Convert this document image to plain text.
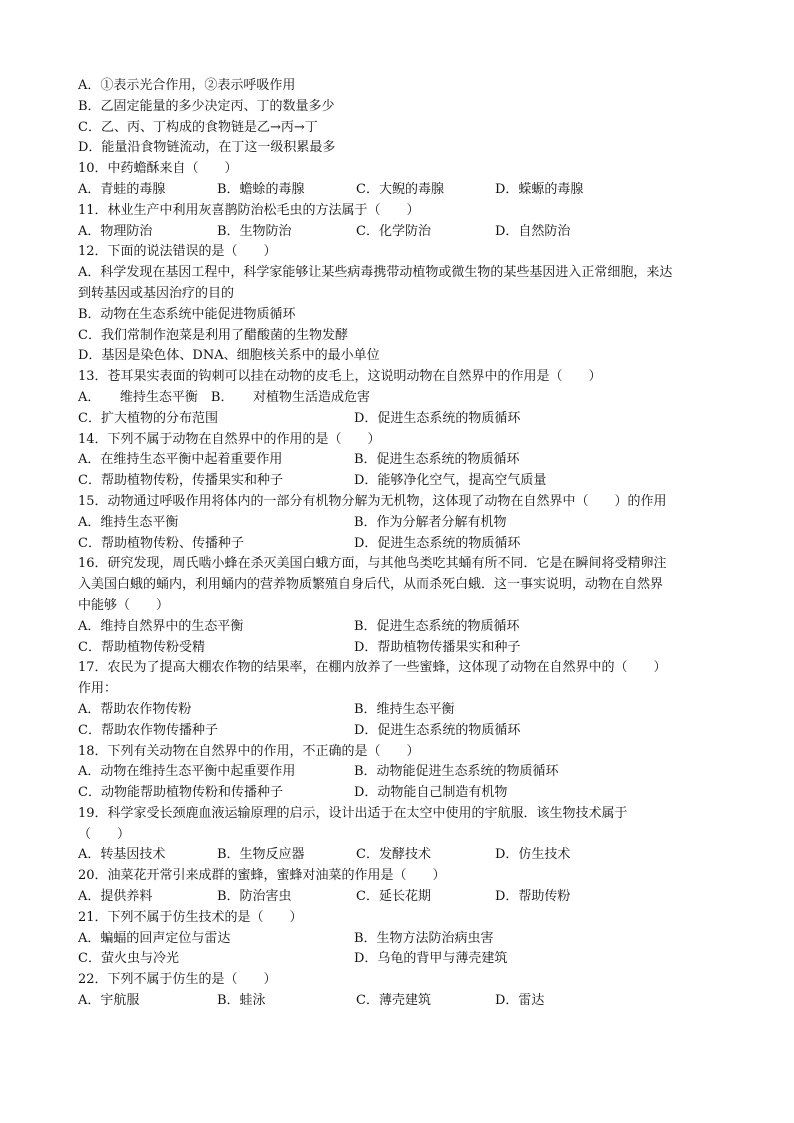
A．①表示光合作用，②表示呼吸作用
B．乙固定能量的多少决定丙、丁的数量多少
C．乙、丙、丁构成的食物链是乙→丙→丁
D．能量沿食物链流动，在丁这一级积累最多
10．中药蟾酥来自（　　）
A．青蛙的毒腺	B．蟾蜍的毒腺	C．大鲵的毒腺	D．蝾螈的毒腺
11．林业生产中利用灰喜鹊防治松毛虫的方法属于（　　）
A．物理防治	B．生物防治	C．化学防治	D．自然防治
12．下面的说法错误的是（　　）
A．科学发现在基因工程中，科学家能够让某些病毒携带动植物或微生物的某些基因进入正常细胞，来达
到转基因或基因治疗的目的
B．动物在生态系统中能促进物质循环
C．我们常制作泡菜是利用了醋酸菌的生物发酵
D．基因是染色体、DNA、细胞核关系中的最小单位
13．苍耳果实表面的钩刺可以挂在动物的皮毛上，这说明动物在自然界中的作用是（　　）
A．　　维持生态平衡　B．　　对植物生活造成危害
C．扩大植物的分布范围	D．促进生态系统的物质循环
14．下列不属于动物在自然界中的作用的是（　　）
A．在维持生态平衡中起着重要作用	B．促进生态系统的物质循环
C．帮助植物传粉，传播果实和种子	D．能够净化空气，提高空气质量
15．动物通过呼吸作用将体内的一部分有机物分解为无机物，这体现了动物在自然界中（　　）的作用
A．维持生态平衡	B．作为分解者分解有机物
C．帮助植物传粉、传播种子	D．促进生态系统的物质循环
16．研究发现，周氏啮小蜂在杀灭美国白蛾方面，与其他鸟类吃其蛹有所不同．它是在瞬间将受精卵注
入美国白蛾的蛹内，利用蛹内的营养物质繁殖自身后代，从而杀死白蛾．这一事实说明，动物在自然界
中能够（　　）
A．维持自然界中的生态平衡	B．促进生态系统的物质循环
C．帮助植物传粉受精	D．帮助植物传播果实和种子
17．农民为了提高大棚农作物的结果率，在棚内放养了一些蜜蜂，这体现了动物在自然界中的（　　）
作用：
A．帮助农作物传粉	B．维持生态平衡
C．帮助农作物传播种子	D．促进生态系统的物质循环
18．下列有关动物在自然界中的作用，不正确的是（　　）
A．动物在维持生态平衡中起重要作用	B．动物能促进生态系统的物质循环
C．动物能帮助植物传粉和传播种子	D．动物能自己制造有机物
19．科学家受长颈鹿血液运输原理的启示，设计出适于在太空中使用的宇航服．该生物技术属于
（　　）
A．转基因技术	B．生物反应器	C．发酵技术	D．仿生技术
20．油菜花开常引来成群的蜜蜂，蜜蜂对油菜的作用是（　　）
A．提供养料	B．防治害虫	C．延长花期	D．帮助传粉
21．下列不属于仿生技术的是（　　）
A．蝙蝠的回声定位与雷达	B．生物方法防治病虫害
C．萤火虫与冷光	D．乌龟的背甲与薄壳建筑
22．下列不属于仿生的是（　　）
A．宇航服	B．蛙泳	C．薄壳建筑	D．雷达
